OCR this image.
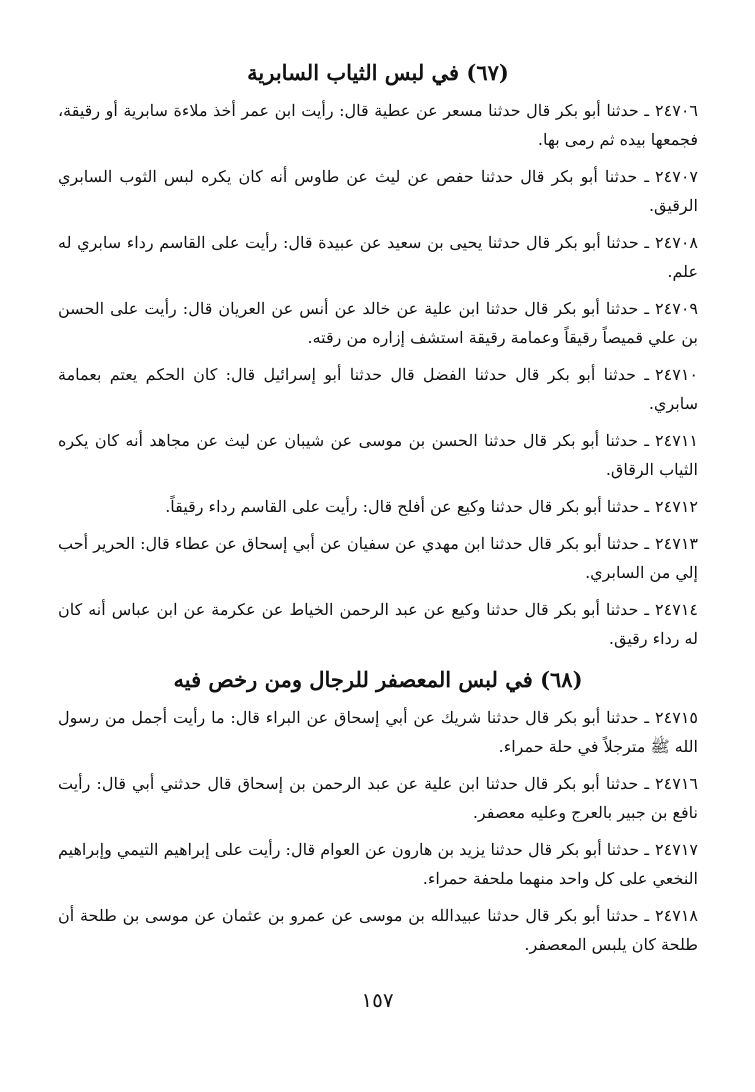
(٦٧) في لبس الثياب السابرية

٢٤٧٠٦ـ حدثنا أبو بكر قال حدثنا مسعر عن عطية قال: رأيت ابن عمر أخذ ملاءة سابرية أو رقيقة، فجمعها بيده ثم رمى بها.

٢٤٧٠٧ـ حدثنا أبو بكر قال حدثنا حفص عن ليث عن طاوس أنه كان يكره لبس الثوب السابري الرقيق.

٢٤٧٠٨ـ حدثنا أبو بكر قال حدثنا يحيى بن سعيد عن عبيدة قال: رأيت على القاسم رداء سابري له علم.

٢٤٧٠٩ـ حدثنا أبو بكر قال حدثنا ابن علية عن خالد عن أنس عن العريان قال: رأيت على الحسن بن علي قميصاً رقيقاً وعمامة رقيقة استشف إزاره من رقته.

٢٤٧١٠ـ حدثنا أبو بكر قال حدثنا الفضل قال حدثنا أبو إسرائيل قال: كان الحكم يعتم بعمامة سابري.

٢٤٧١١ـ حدثنا أبو بكر قال حدثنا الحسن بن موسى عن شيبان عن ليث عن مجاهد أنه كان يكره الثياب الرقاق.

٢٤٧١٢ـ حدثنا أبو بكر قال حدثنا وكيع عن أفلح قال: رأيت على القاسم رداء رقيقاً.

٢٤٧١٣ـ حدثنا أبو بكر قال حدثنا ابن مهدي عن سفيان عن أبي إسحاق عن عطاء قال: الحرير أحب إلي من السابري.

٢٤٧١٤ـ حدثنا أبو بكر قال حدثنا وكيع عن عبد الرحمن الخياط عن عكرمة عن ابن عباس أنه كان له رداء رقيق.

(٦٨) في لبس المعصفر للرجال ومن رخص فيه

٢٤٧١٥ـ حدثنا أبو بكر قال حدثنا شريك عن أبي إسحاق عن البراء قال: ما رأيت أجمل من رسول الله ﷺ مترجلاً في حلة حمراء.

٢٤٧١٦ـ حدثنا أبو بكر قال حدثنا ابن علية عن عبد الرحمن بن إسحاق قال حدثني أبي قال: رأيت نافع بن جبير بالعرج وعليه معصفر.

٢٤٧١٧ـ حدثنا أبو بكر قال حدثنا يزيد بن هارون عن العوام قال: رأيت على إبراهيم التيمي وإبراهيم النخعي على كل واحد منهما ملحفة حمراء.

٢٤٧١٨ـ حدثنا أبو بكر قال حدثنا عبيدالله بن موسى عن عمرو بن عثمان عن موسى بن طلحة أن طلحة كان يلبس المعصفر.

١٥٧
